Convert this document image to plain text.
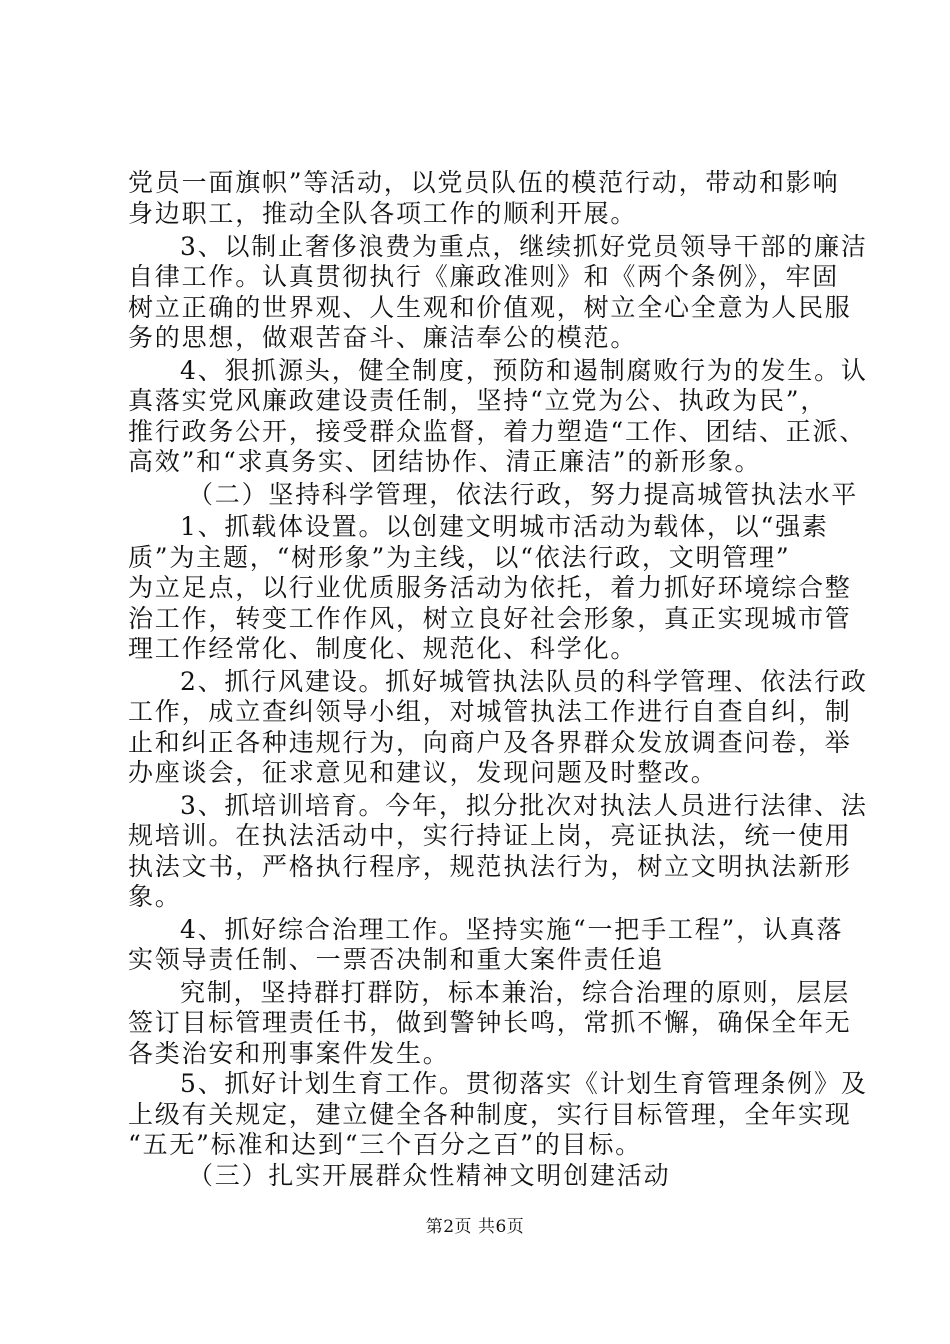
党员一面旗帜”等活动，以党员队伍的模范行动，带动和影响
身边职工，推动全队各项工作的顺利开展。
3、以制止奢侈浪费为重点，继续抓好党员领导干部的廉洁
自律工作。认真贯彻执行《廉政准则》和《两个条例》，牢固
树立正确的世界观、人生观和价值观，树立全心全意为人民服
务的思想，做艰苦奋斗、廉洁奉公的模范。
4、狠抓源头，健全制度，预防和遏制腐败行为的发生。认
真落实党风廉政建设责任制，坚持“立党为公、执政为民”，
推行政务公开，接受群众监督，着力塑造“工作、团结、正派、
高效”和“求真务实、团结协作、清正廉洁”的新形象。
（二）坚持科学管理，依法行政，努力提高城管执法水平
1、抓载体设置。以创建文明城市活动为载体，以“强素
质”为主题，“树形象”为主线，以“依法行政，文明管理”
为立足点，以行业优质服务活动为依托，着力抓好环境综合整
治工作，转变工作作风，树立良好社会形象，真正实现城市管
理工作经常化、制度化、规范化、科学化。
2、抓行风建设。抓好城管执法队员的科学管理、依法行政
工作，成立查纠领导小组，对城管执法工作进行自查自纠，制
止和纠正各种违规行为，向商户及各界群众发放调查问卷，举
办座谈会，征求意见和建议，发现问题及时整改。
3、抓培训培育。今年，拟分批次对执法人员进行法律、法
规培训。在执法活动中，实行持证上岗，亮证执法，统一使用
执法文书，严格执行程序，规范执法行为，树立文明执法新形
象。
4、抓好综合治理工作。坚持实施“一把手工程”，认真落
实领导责任制、一票否决制和重大案件责任追
究制，坚持群打群防，标本兼治，综合治理的原则，层层
签订目标管理责任书，做到警钟长鸣，常抓不懈，确保全年无
各类治安和刑事案件发生。
5、抓好计划生育工作。贯彻落实《计划生育管理条例》及
上级有关规定，建立健全各种制度，实行目标管理，全年实现
“五无”标准和达到“三个百分之百”的目标。
（三）扎实开展群众性精神文明创建活动
第2页 共6页
